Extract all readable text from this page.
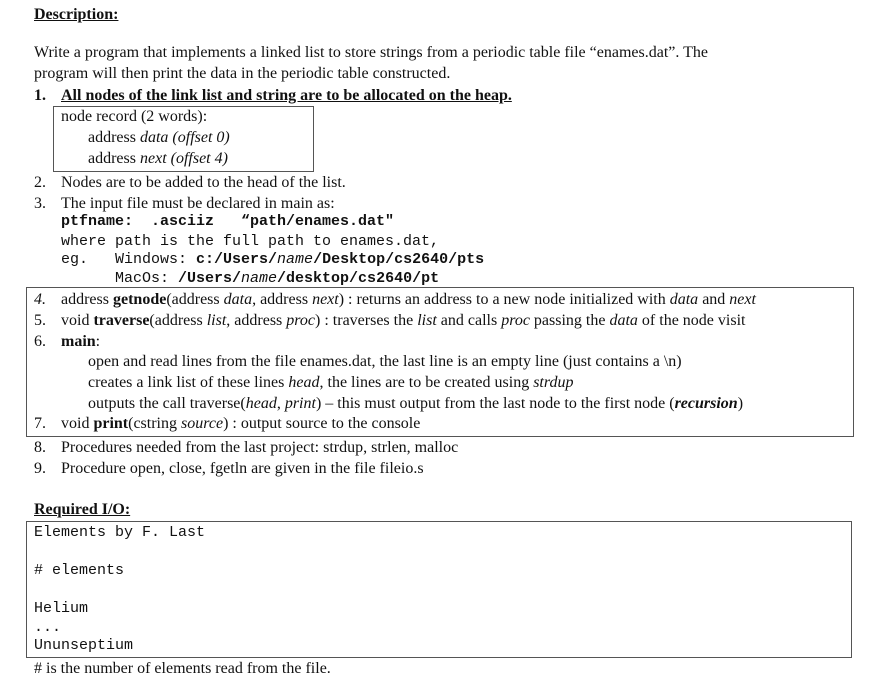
Description:
Write a program that implements a linked list to store strings from a periodic table file “enames.dat”. The
program will then print the data in the periodic table constructed.
1. All nodes of the link list and string are to be allocated on the heap.
node record (2 words):
address data (offset 0)
address next (offset 4)
2. Nodes are to be added to the head of the list.
3. The input file must be declared in main as:
ptfname:  .asciiz   “path/enames.dat"
where path is the full path to enames.dat,
eg.   Windows: c:/Users/name/Desktop/cs2640/pts
MacOs: /Users/name/desktop/cs2640/pt
4. address getnode(address data, address next) : returns an address to a new node initialized with data and next
5. void traverse(address list, address proc) : traverses the list and calls proc passing the data of the node visit
6. main:
open and read lines from the file enames.dat, the last line is an empty line (just contains a \n)
creates a link list of these lines head, the lines are to be created using strdup
outputs the call traverse(head, print) – this must output from the last node to the first node (recursion)
7. void print(cstring source) : output source to the console
8. Procedures needed from the last project: strdup, strlen, malloc
9. Procedure open, close, fgetln are given in the file fileio.s
Required I/O:
Elements by F. Last
# elements
Helium
...
Ununseptium
# is the number of elements read from the file.
